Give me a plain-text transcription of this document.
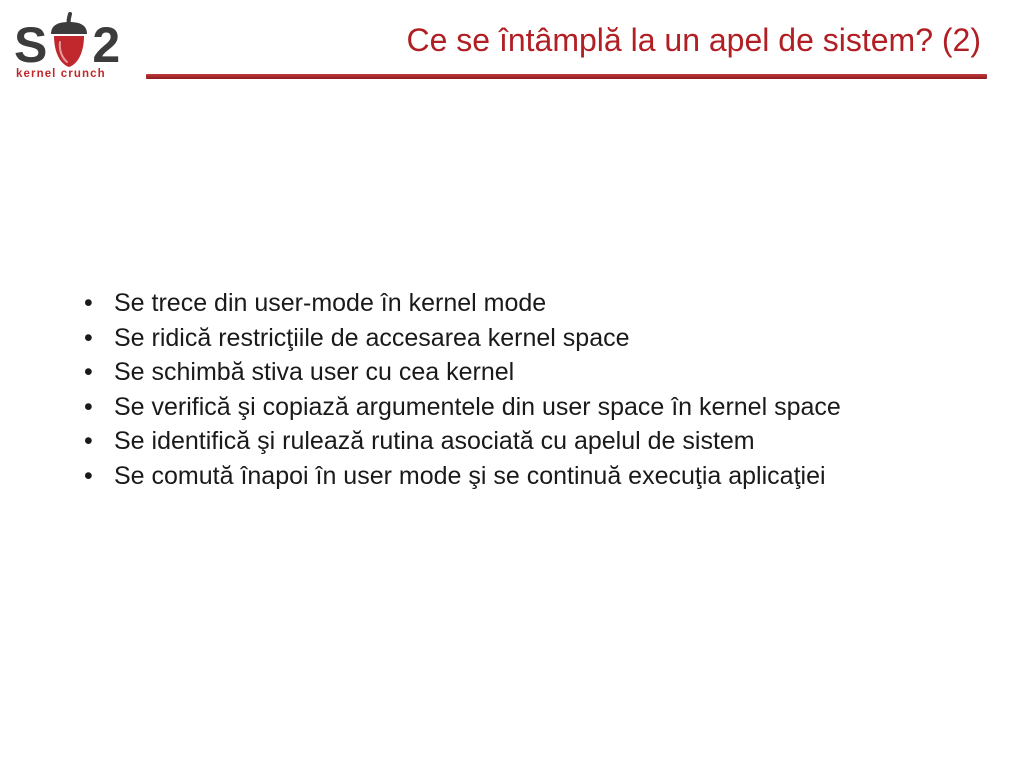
S 2
kernel crunch
Ce se întâmplă la un apel de sistem? (2)
• Se trece din user-mode în kernel mode
• Se ridică restricţiile de accesarea kernel space
• Se schimbă stiva user cu cea kernel
• Se verifică şi copiază argumentele din user space în kernel space
• Se identifică şi rulează rutina asociată cu apelul de sistem
• Se comută înapoi în user mode şi se continuă execuţia aplicaţiei
